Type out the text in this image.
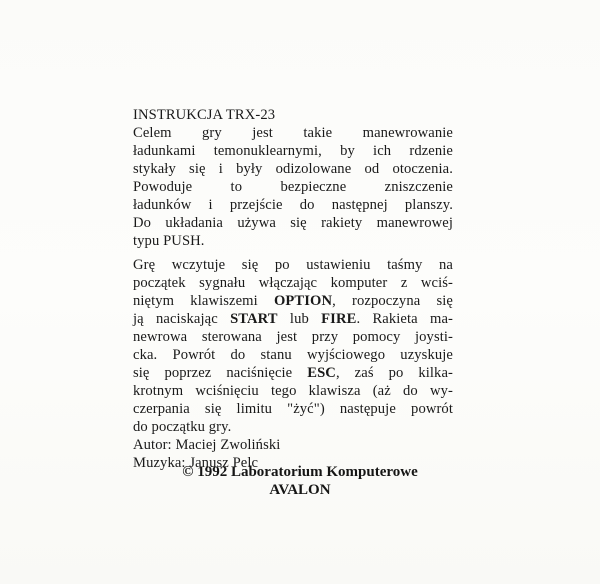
INSTRUKCJA TRX-23
Celem gry jest takie manewrowanie
ładunkami temonuklearnymi, by ich rdzenie
stykały się i były odizolowane od otoczenia.
Powoduje to bezpieczne zniszczenie
ładunków i przejście do następnej planszy.
Do układania używa się rakiety manewrowej
typu PUSH.
Grę wczytuje się po ustawieniu taśmy na
początek sygnału włączając komputer z wciś-
niętym klawiszemi OPTION, rozpoczyna się
ją naciskając START lub FIRE. Rakieta ma-
newrowa sterowana jest przy pomocy joysti-
cka. Powrót do stanu wyjściowego uzyskuje
się poprzez naciśnięcie ESC, zaś po kilka-
krotnym wciśnięciu tego klawisza (aż do wy-
czerpania się limitu "żyć") następuje powrót
do początku gry.
Autor: Maciej Zwoliński
Muzyka: Janusz Pelc
© 1992 Laboratorium Komputerowe
AVALON
